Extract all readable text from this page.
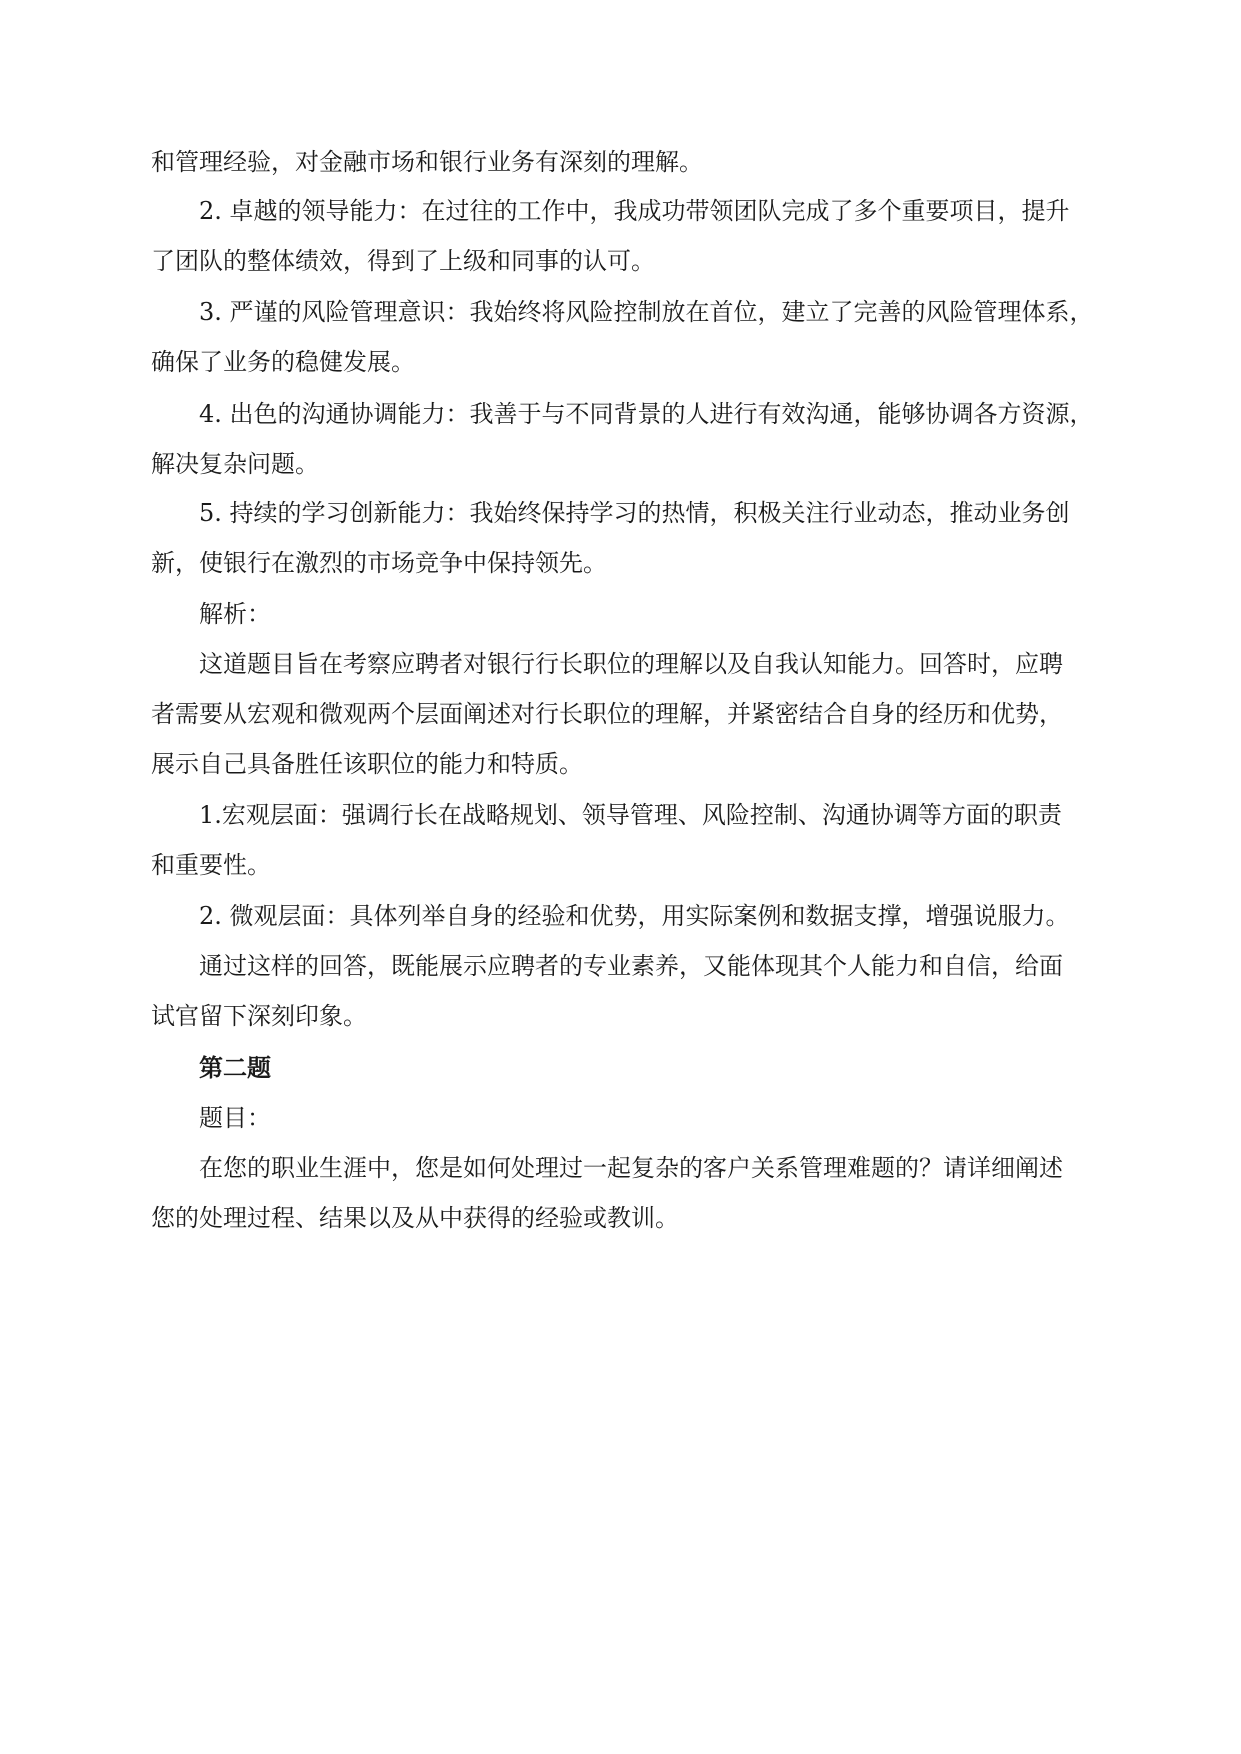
和管理经验，对金融市场和银行业务有深刻的理解。
2. 卓越的领导能力：在过往的工作中，我成功带领团队完成了多个重要项目，提升
了团队的整体绩效，得到了上级和同事的认可。
3. 严谨的风险管理意识：我始终将风险控制放在首位，建立了完善的风险管理体系，
确保了业务的稳健发展。
4. 出色的沟通协调能力：我善于与不同背景的人进行有效沟通，能够协调各方资源，
解决复杂问题。
5. 持续的学习创新能力：我始终保持学习的热情，积极关注行业动态，推动业务创
新，使银行在激烈的市场竞争中保持领先。
解析：
这道题目旨在考察应聘者对银行行长职位的理解以及自我认知能力。回答时，应聘
者需要从宏观和微观两个层面阐述对行长职位的理解，并紧密结合自身的经历和优势，
展示自己具备胜任该职位的能力和特质。
1.宏观层面：强调行长在战略规划、领导管理、风险控制、沟通协调等方面的职责
和重要性。
2. 微观层面：具体列举自身的经验和优势，用实际案例和数据支撑，增强说服力。
通过这样的回答，既能展示应聘者的专业素养，又能体现其个人能力和自信，给面
试官留下深刻印象。
第二题
题目：
在您的职业生涯中，您是如何处理过一起复杂的客户关系管理难题的？请详细阐述
您的处理过程、结果以及从中获得的经验或教训。
